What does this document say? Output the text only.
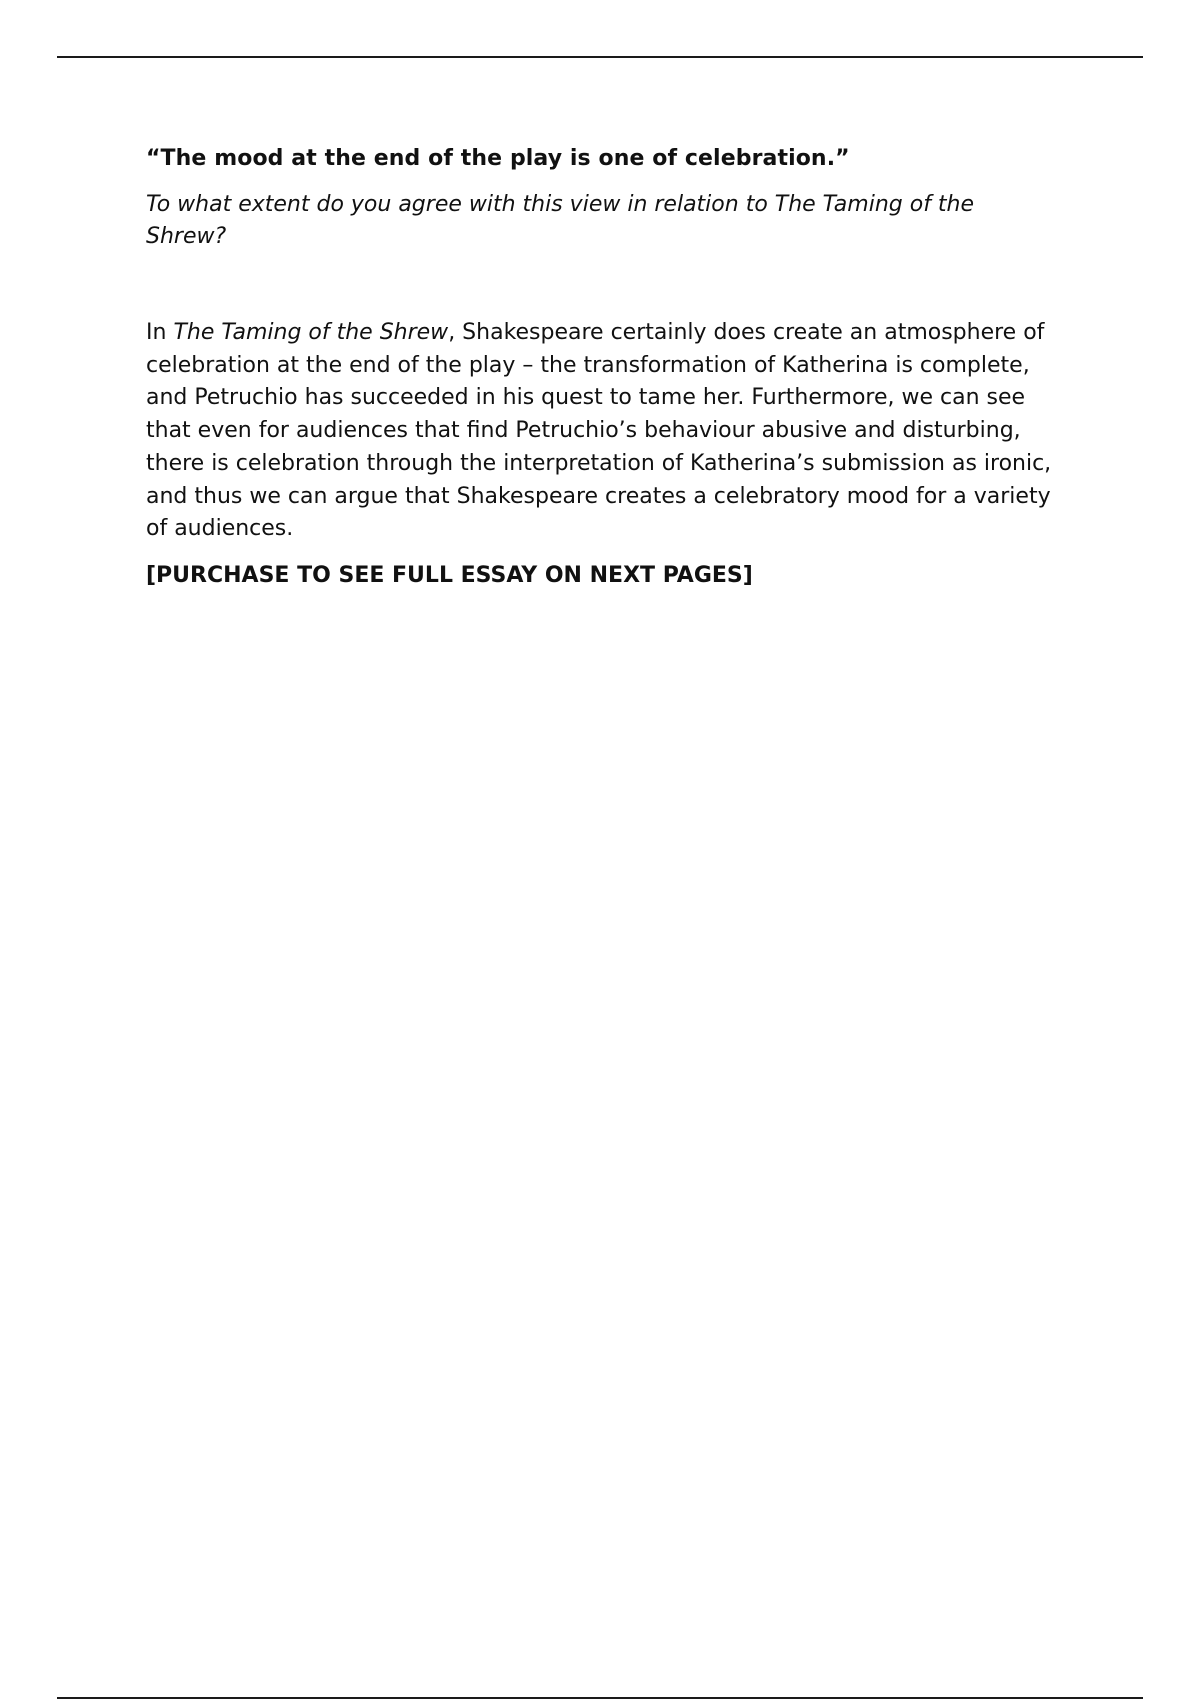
“The mood at the end of the play is one of celebration.”

To what extent do you agree with this view in relation to The Taming of the Shrew?

In The Taming of the Shrew, Shakespeare certainly does create an atmosphere of celebration at the end of the play – the transformation of Katherina is complete, and Petruchio has succeeded in his quest to tame her. Furthermore, we can see that even for audiences that find Petruchio’s behaviour abusive and disturbing, there is celebration through the interpretation of Katherina’s submission as ironic, and thus we can argue that Shakespeare creates a celebratory mood for a variety of audiences.

[PURCHASE TO SEE FULL ESSAY ON NEXT PAGES]
